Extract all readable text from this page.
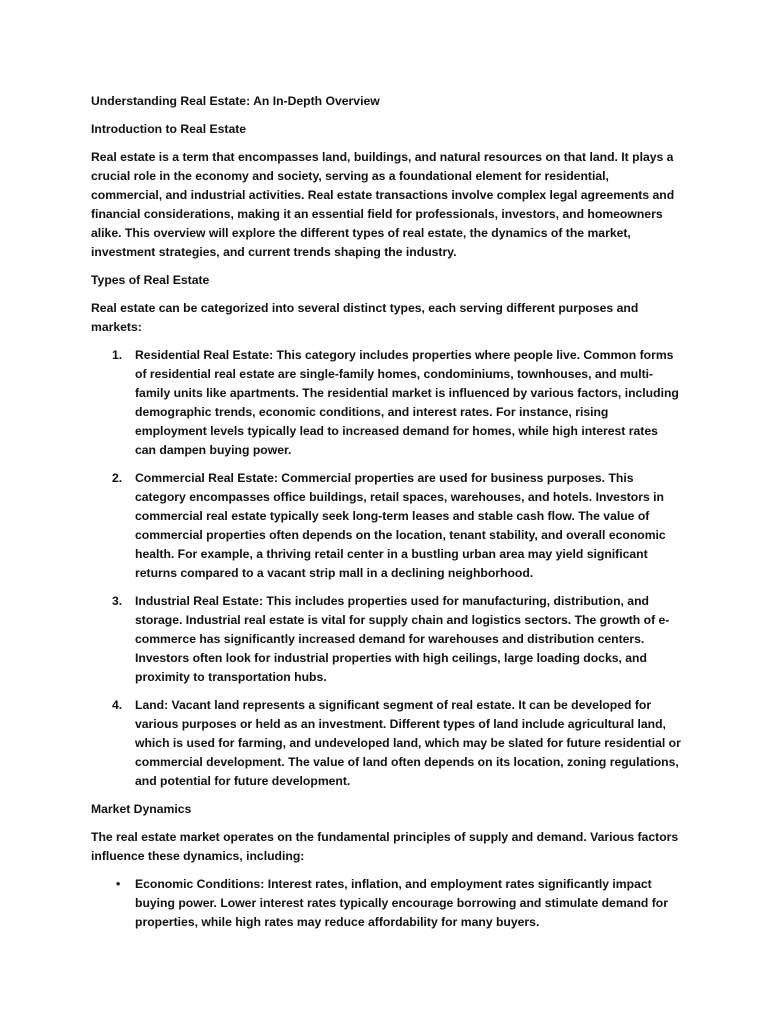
Understanding Real Estate: An In-Depth Overview

Introduction to Real Estate

Real estate is a term that encompasses land, buildings, and natural resources on that land. It plays a crucial role in the economy and society, serving as a foundational element for residential, commercial, and industrial activities. Real estate transactions involve complex legal agreements and financial considerations, making it an essential field for professionals, investors, and homeowners alike. This overview will explore the different types of real estate, the dynamics of the market, investment strategies, and current trends shaping the industry.

Types of Real Estate

Real estate can be categorized into several distinct types, each serving different purposes and markets:

1. Residential Real Estate: This category includes properties where people live. Common forms of residential real estate are single-family homes, condominiums, townhouses, and multi-family units like apartments. The residential market is influenced by various factors, including demographic trends, economic conditions, and interest rates. For instance, rising employment levels typically lead to increased demand for homes, while high interest rates can dampen buying power.
2. Commercial Real Estate: Commercial properties are used for business purposes. This category encompasses office buildings, retail spaces, warehouses, and hotels. Investors in commercial real estate typically seek long-term leases and stable cash flow. The value of commercial properties often depends on the location, tenant stability, and overall economic health. For example, a thriving retail center in a bustling urban area may yield significant returns compared to a vacant strip mall in a declining neighborhood.
3. Industrial Real Estate: This includes properties used for manufacturing, distribution, and storage. Industrial real estate is vital for supply chain and logistics sectors. The growth of e-commerce has significantly increased demand for warehouses and distribution centers. Investors often look for industrial properties with high ceilings, large loading docks, and proximity to transportation hubs.
4. Land: Vacant land represents a significant segment of real estate. It can be developed for various purposes or held as an investment. Different types of land include agricultural land, which is used for farming, and undeveloped land, which may be slated for future residential or commercial development. The value of land often depends on its location, zoning regulations, and potential for future development.

Market Dynamics

The real estate market operates on the fundamental principles of supply and demand. Various factors influence these dynamics, including:

• Economic Conditions: Interest rates, inflation, and employment rates significantly impact buying power. Lower interest rates typically encourage borrowing and stimulate demand for properties, while high rates may reduce affordability for many buyers.
